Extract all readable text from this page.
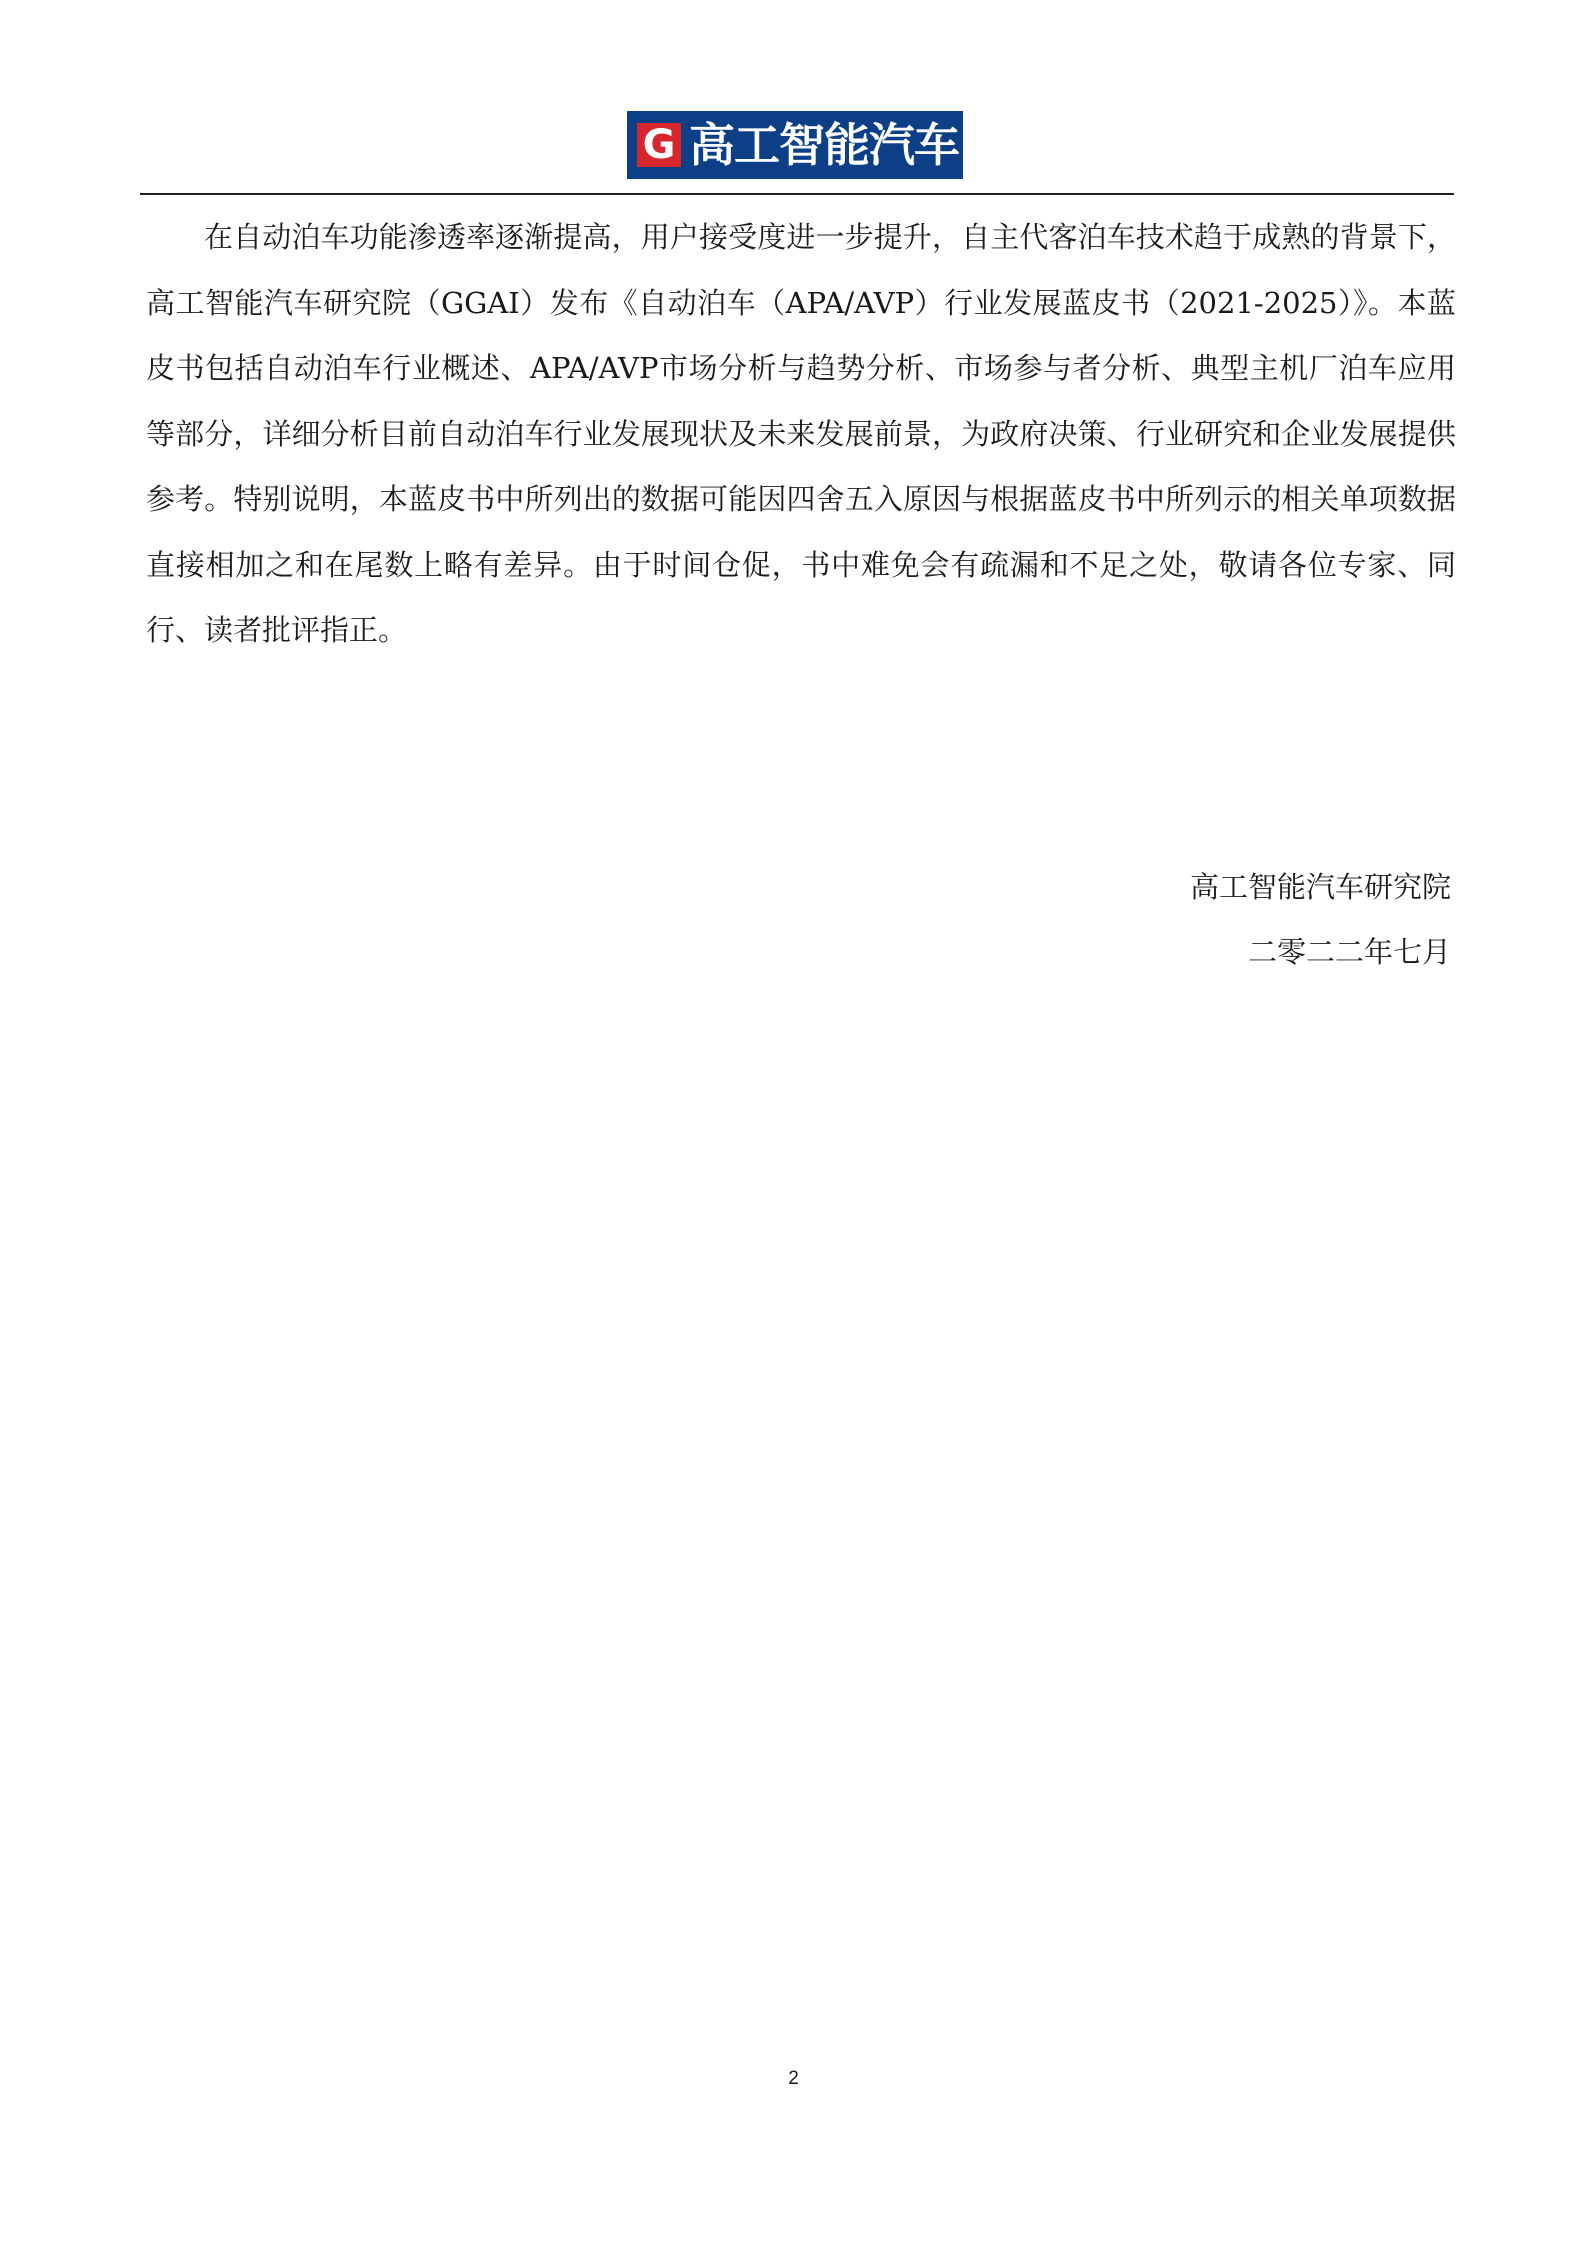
G 高工智能汽车

在自动泊车功能渗透率逐渐提高，用户接受度进一步提升，自主代客泊车技术趋于成熟的背景下，高工智能汽车研究院（GGAI）发布《自动泊车（APA/AVP）行业发展蓝皮书（2021-2025）》。本蓝皮书包括自动泊车行业概述、APA/AVP市场分析与趋势分析、市场参与者分析、典型主机厂泊车应用等部分，详细分析目前自动泊车行业发展现状及未来发展前景，为政府决策、行业研究和企业发展提供参考。特别说明，本蓝皮书中所列出的数据可能因四舍五入原因与根据蓝皮书中所列示的相关单项数据直接相加之和在尾数上略有差异。由于时间仓促，书中难免会有疏漏和不足之处，敬请各位专家、同行、读者批评指正。

高工智能汽车研究院
二零二二年七月
2
